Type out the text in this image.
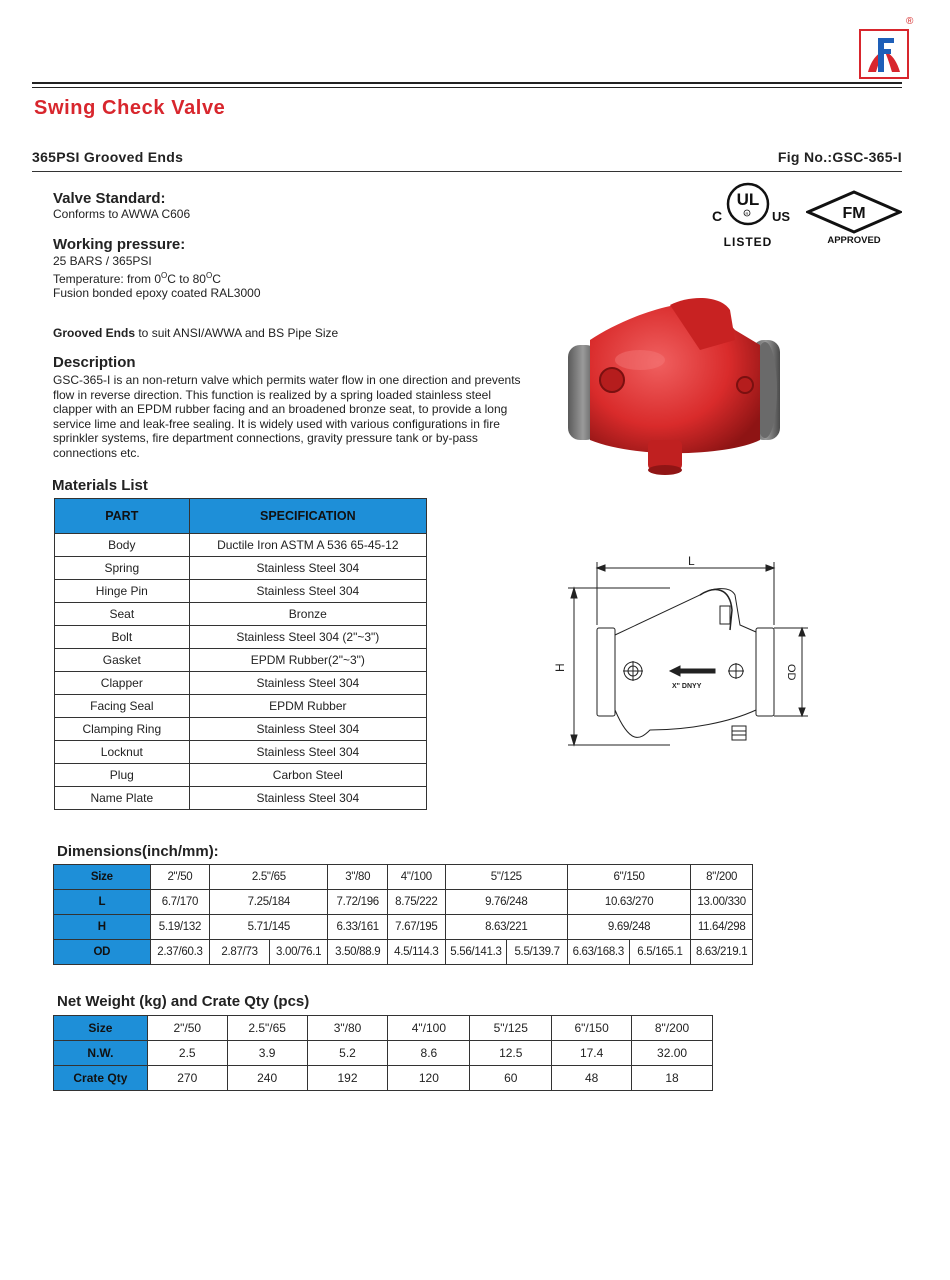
®
Swing Check Valve
365PSI Grooved Ends	Fig No.:GSC-365-I
Valve Standard:
Conforms to AWWA C606
Working pressure:
25 BARS / 365PSI
Temperature: from $0^OC$ to $80^OC$
Fusion bonded epoxy coated RAL3000
Grooved Ends to suit ANSI/AWWA and BS Pipe Size
Description
GSC-365-I is an non-return valve which permits water flow in one direction and prevents flow in reverse direction. This function is realized by a spring loaded stainless steel clapper with an EPDM rubber facing and an broadened bronze seat, to provide a long service lime and leak-free sealing. It is widely used with various configurations in fire sprinkler systems, fire department connections, gravity pressure tank or by-pass connections etc.
UL
R
C	US
LISTED
FM
APPROVED
L
H	OD
X" DNYY
Materials List
PART	SPECIFICATION
Body	Ductile Iron ASTM A 536 65-45-12
Spring	Stainless Steel 304
Hinge Pin	Stainless Steel 304
Seat	Bronze
Bolt	Stainless Steel 304 (2"~3")
Gasket	EPDM Rubber(2"~3")
Clapper	Stainless Steel 304
Facing Seal	EPDM Rubber
Clamping Ring	Stainless Steel 304
Locknut	Stainless Steel 304
Plug	Carbon Steel
Name Plate	Stainless Steel 304
Dimensions(inch/mm):
Size	2"/50	2.5"/65		3"/80	4"/100	5"/125		6"/150		8"/200
L	6.7/170	7.25/184		7.72/196	8.75/222	9.76/248		10.63/270		13.00/330
H	5.19/132	5.71/145		6.33/161	7.67/195	8.63/221		9.69/248		11.64/298
OD	2.37/60.3	2.87/73	3.00/76.1	3.50/88.9	4.5/114.3	5.56/141.3	5.5/139.7	6.63/168.3	6.5/165.1	8.63/219.1
Net Weight (kg) and Crate Qty (pcs)
Size	2"/50	2.5"/65	3"/80	4"/100	5"/125	6"/150	8"/200
N.W.	2.5	3.9	5.2	8.6	12.5	17.4	32.00
Crate Qty	270	240	192	120	60	48	18
